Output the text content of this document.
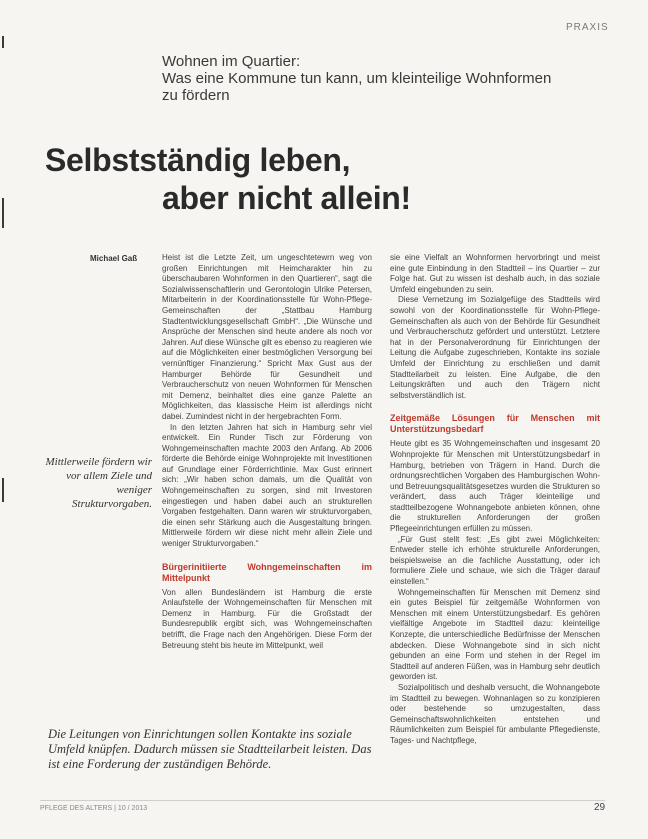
PRAXIS
Wohnen im Quartier:
Was eine Kommune tun kann, um kleinteilige Wohnformen
zu fördern
Selbstständig leben,
aber nicht allein!
Michael Gaß	Heist ist die Letzte Zeit, um ungeschtetewrn weg von großen Einrichtungen mit Heimcharakter hin zu überschaubaren Wohnformen in den Quartieren“, sagt die Sozialwissenschaftlerin und Gerontologin Ulrike Petersen, Mitarbeiterin in der Koordinationsstelle für Wohn-Pflege-Gemeinschaften der „Stattbau Hamburg Stadtentwicklungsgesellschaft GmbH“. „Die Wünsche und Ansprüche der Menschen sind heute andere als noch vor Jahren. Auf diese Wünsche gilt es ebenso zu reagieren wie auf die Möglichkeiten einer bestmöglichen Versorgung bei vernünftiger Finanzierung.“ Spricht Max Gust aus der Hamburger Behörde für Gesundheit und Verbraucherschutz von neuen Wohnformen für Menschen mit Demenz, beinhaltet dies eine ganze Palette an Möglichkeiten, das klassische Heim ist allerdings nicht dabei. Zumindest nicht in der hergebrachten Form.

In den letzten Jahren hat sich in Hamburg sehr viel entwickelt. Ein Runder Tisch zur Förderung von Wohngemeinschaften machte 2003 den Anfang. Ab 2006 förderte die Behörde einige Wohnprojekte mit Investitionen auf Grundlage einer Förderrichtlinie. Max Gust erinnert sich: „Wir haben schon damals, um die Qualität von Wohngemeinschaften zu sorgen, sind mit Investoren eingestiegen und haben dabei auch an strukturellen Vorgaben festgehalten. Dann waren wir strukturvorgaben, die einen sehr Stärkung auch die Ausgestaltung bringen. Mittlerweile fördern wir diese nicht mehr allein Ziele und weniger Strukturvorgaben.“

Bürgerinitiierte Wohngemeinschaften im Mittelpunkt

Von allen Bundesländern ist Hamburg die erste Anlaufstelle der Wohngemeinschaften für Menschen mit Demenz in Hamburg. Für die Großstadt der Bundesrepublik ergibt sich, was Wohngemeinschaften betrifft, die Frage nach den Angehörigen. Diese Form der Betreuung steht bis heute im Mittelpunkt, weil

sie eine Vielfalt an Wohnformen hervorbringt und meist eine gute Einbindung in den Stadtteil – ins Quartier – zur Folge hat. Gut zu wissen ist deshalb auch, in das soziale Umfeld eingebunden zu sein.

Diese Vernetzung im Sozialgefüge des Stadtteils wird sowohl von der Koordinationsstelle für Wohn-Pflege-Gemeinschaften als auch von der Behörde für Gesundheit und Verbraucherschutz gefördert und unterstützt. Letztere hat in der Personalverordnung für Einrichtungen der Leitung die Aufgabe zugeschrieben, Kontakte ins soziale Umfeld der Einrichtung zu erschließen und damit Stadtteilarbeit zu leisten. Eine Aufgabe, die den Leitungskräften und auch den Trägern nicht selbstverständlich ist.

Zeitgemäße Lösungen für Menschen mit Unterstützungsbedarf

Heute gibt es 35 Wohngemeinschaften und insgesamt 20 Wohnprojekte für Menschen mit Unterstützungsbedarf in Hamburg, betrieben von Trägern in Hand. Durch die ordnungsrechtlichen Vorgaben des Hamburgischen Wohn- und Betreuungsqualitätsgesetzes wurden die Strukturen so verändert, dass auch Träger kleinteilige und stadtteilbezogene Wohnangebote anbieten können, ohne die strukturellen Anforderungen der großen Pflegeeinrichtungen erfüllen zu müssen.

„Für Gust stellt fest: „Es gibt zwei Möglichkeiten: Entweder stelle ich erhöhte strukturelle Anforderungen, beispielsweise an die fachliche Ausstattung, oder ich formuliere Ziele und schaue, wie sich die Träger darauf einstellen.“

Wohngemeinschaften für Menschen mit Demenz sind ein gutes Beispiel für zeitgemäße Wohnformen von Menschen mit einem Unterstützungsbedarf. Es gehören vielfältige Angebote im Stadtteil dazu: kleinteilige Konzepte, die unterschiedliche Bedürfnisse der Menschen abdecken. Diese Wohnangebote sind in sich nicht gebunden an eine Form und stehen in der Regel im Stadtteil auf anderen Füßen, was in Hamburg sehr deutlich geworden ist.

Sozialpolitisch und deshalb versucht, die Wohnangebote im Stadtteil zu bewegen. Wohnanlagen so zu konzipieren oder bestehende so umzugestalten, dass Gemeinschaftswohnlichkeiten entstehen und Räumlichkeiten zum Beispiel für ambulante Pflegedienste, Tages- und Nachtpflege,

Mittlerweile fördern wir vor allem Ziele und weniger Strukturvorgaben.
Die Leitungen von Einrichtungen sollen Kontakte ins soziale Umfeld knüpfen. Dadurch müssen sie Stadtteilarbeit leisten. Das ist eine Forderung der zuständigen Behörde.
PFLEGE DES ALTERS | 10 / 2013	29
